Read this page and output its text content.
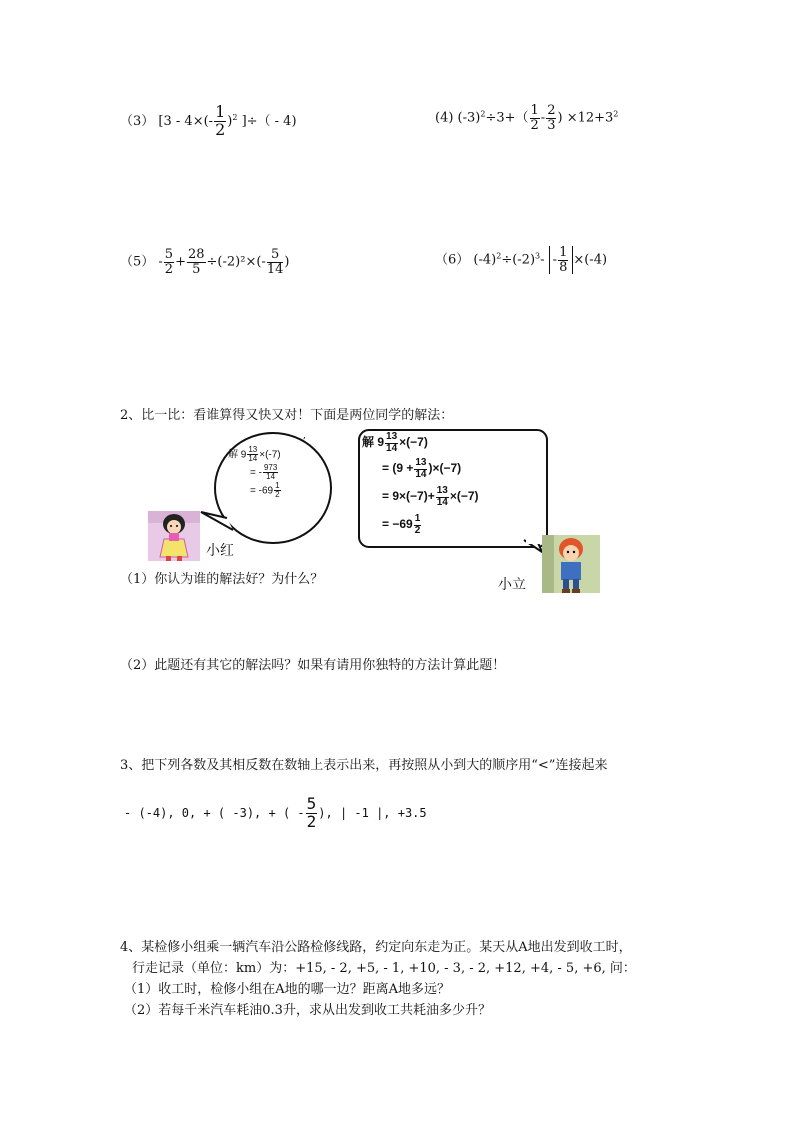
（3） [$3 - 4\times(- \frac{1}{2} )^2$ ]÷（ - 4)	(4) $(-3)^2\div 3+( \frac{1}{2} - \frac{2}{3}$ ) $\times 12+3^2$
$(5) - \frac{5}{2} + \frac{28}{5} \div(-2)^2\times(- \frac{5}{14}$ )	（6） $(-4)^2\div(-2)^3- - \frac{1}{8} \times(-4)$
2、比一比：看谁算得又快又对！下面是两位同学的解法：
,
解 $9 \frac{13}{14} \times(-7)$
= - $\frac{973}{14}$
= $-69 \frac{1}{2}$
小红
解 $9 \frac{13}{14} \times(-7)$
= $(9 + \frac{13}{14} )\times(-7)$
= $9\times(-7)+ \frac{13}{14} \times(-7)$
= $-69 \frac{1}{2}$
小立
（1）你认为谁的解法好？为什么？
（2）此题还有其它的解法吗？如果有请用你独特的方法计算此题！
3、把下列各数及其相反数在数轴上表示出来，再按照从小到大的顺序用“<”连接起来
- (-4), 0, + ( -3), + ( - $\frac{5}{2}$ ), | -1 |, +3.5
4、某检修小组乘一辆汽车沿公路检修线路，约定向东走为正。某天从A地出发到收工时，
行走记录（单位：km）为：+15, - 2, +5, - 1, +10, - 3, - 2, +12, +4, - 5, +6, 问：
（1）收工时，检修小组在A地的哪一边？距离A地多远？
（2）若每千米汽车耗油0.3升，求从出发到收工共耗油多少升？
